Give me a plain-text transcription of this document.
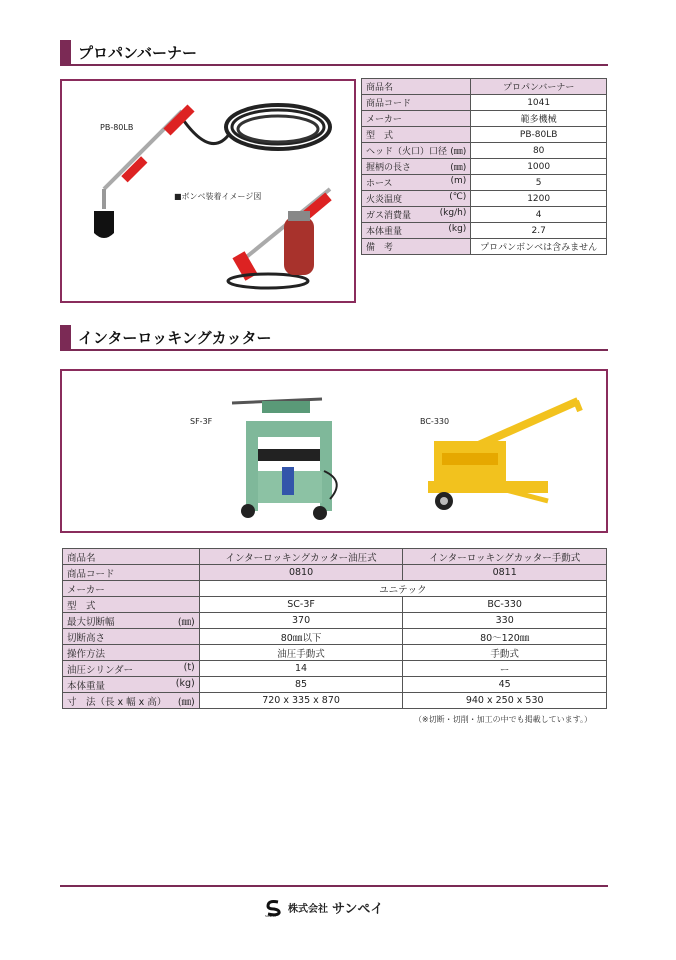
プロパンバーナー
PB-80LB
■ボンベ装着イメージ図
商品名	プロパンバーナー
商品コード	1041
メーカー	範多機械
型　式	PB-80LB
ヘッド（火口）口径 (㎜)	80
握柄の長さ (㎜)	1000
ホース (m)	5
火炎温度 (℃)	1200
ガス消費量 (kg/h)	4
本体重量 (kg)	2.7
備　考	プロパンボンベは含みません
インターロッキングカッター
SF-3F	BC-330
商品名	インターロッキングカッター油圧式	インターロッキングカッター手動式
商品コード	0810	0811
メーカー	ユニテック	
型　式	SC-3F	BC-330
最大切断幅 (㎜)	370	330
切断高さ	80㎜以下	80～120㎜
操作方法	油圧手動式	手動式
油圧シリンダー (t)	14	ー
本体重量 (kg)	85	45
寸　法（長 x 幅 x 高） (㎜)	720 x 335 x 870	940 x 250 x 530
（※切断・切削・加工の中でも掲載しています。）
SANPEI
株式会社 サンペイ
